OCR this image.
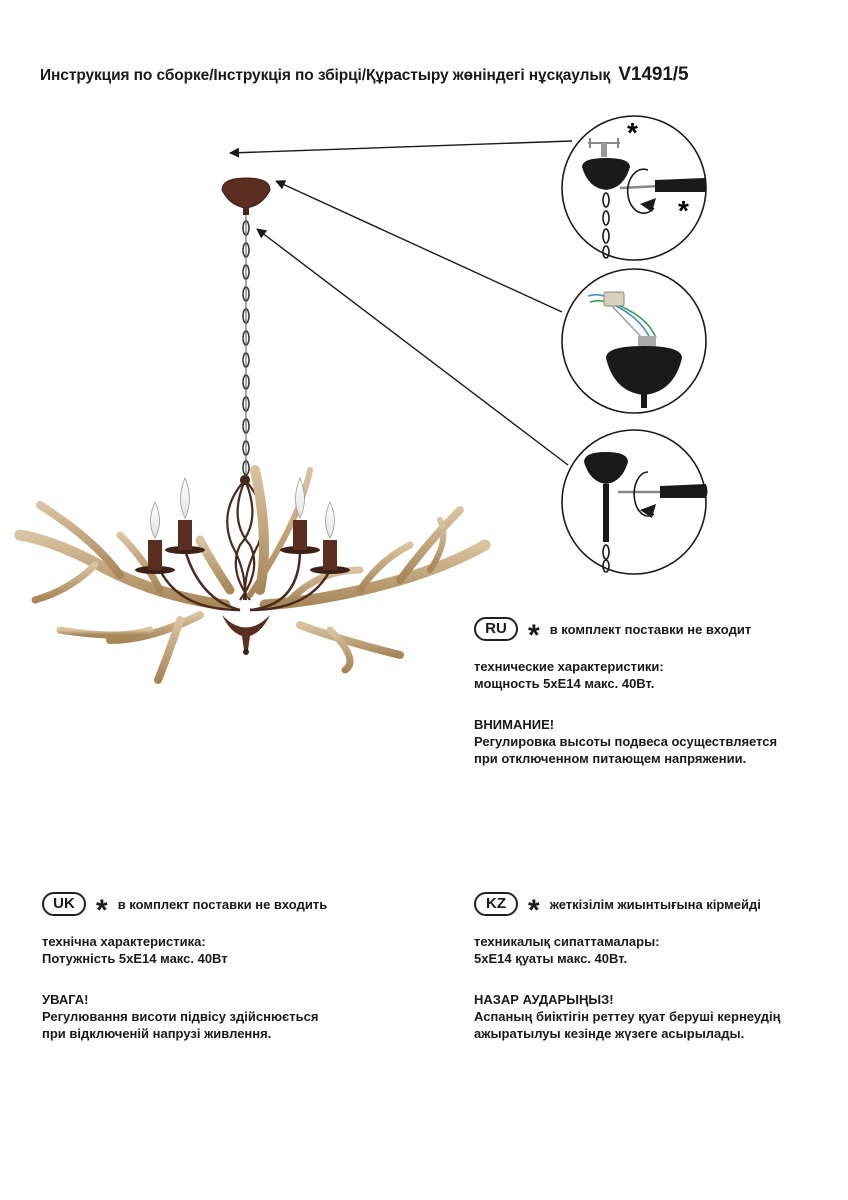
Инструкция по сборке/Інструкція по збірці/Құрастыру жөніндегі нұсқаулық V1491/5
*
*
RU * в комплект поставки не входит
технические характеристики:
мощность 5хЕ14 макс. 40Вт.
ВНИМАНИЕ!
Регулировка высоты подвеса осуществляется
при отключенном питающем напряжении.
UK * в комплект поставки не входить
технічна характеристика:
Потужність 5хЕ14 макс. 40Вт
УВАГА!
Регулювання висоти підвісу здійснюється
при відключеній напрузі живлення.
KZ * жеткізілім жиынтығына кірмейді
техникалық сипаттамалары:
5хЕ14 қуаты макс. 40Вт.
НАЗАР АУДАРЫҢЫЗ!
Аспаның биіктігін реттеу қуат беруші кернеудің
ажыратылуы кезінде жүзеге асырылады.
